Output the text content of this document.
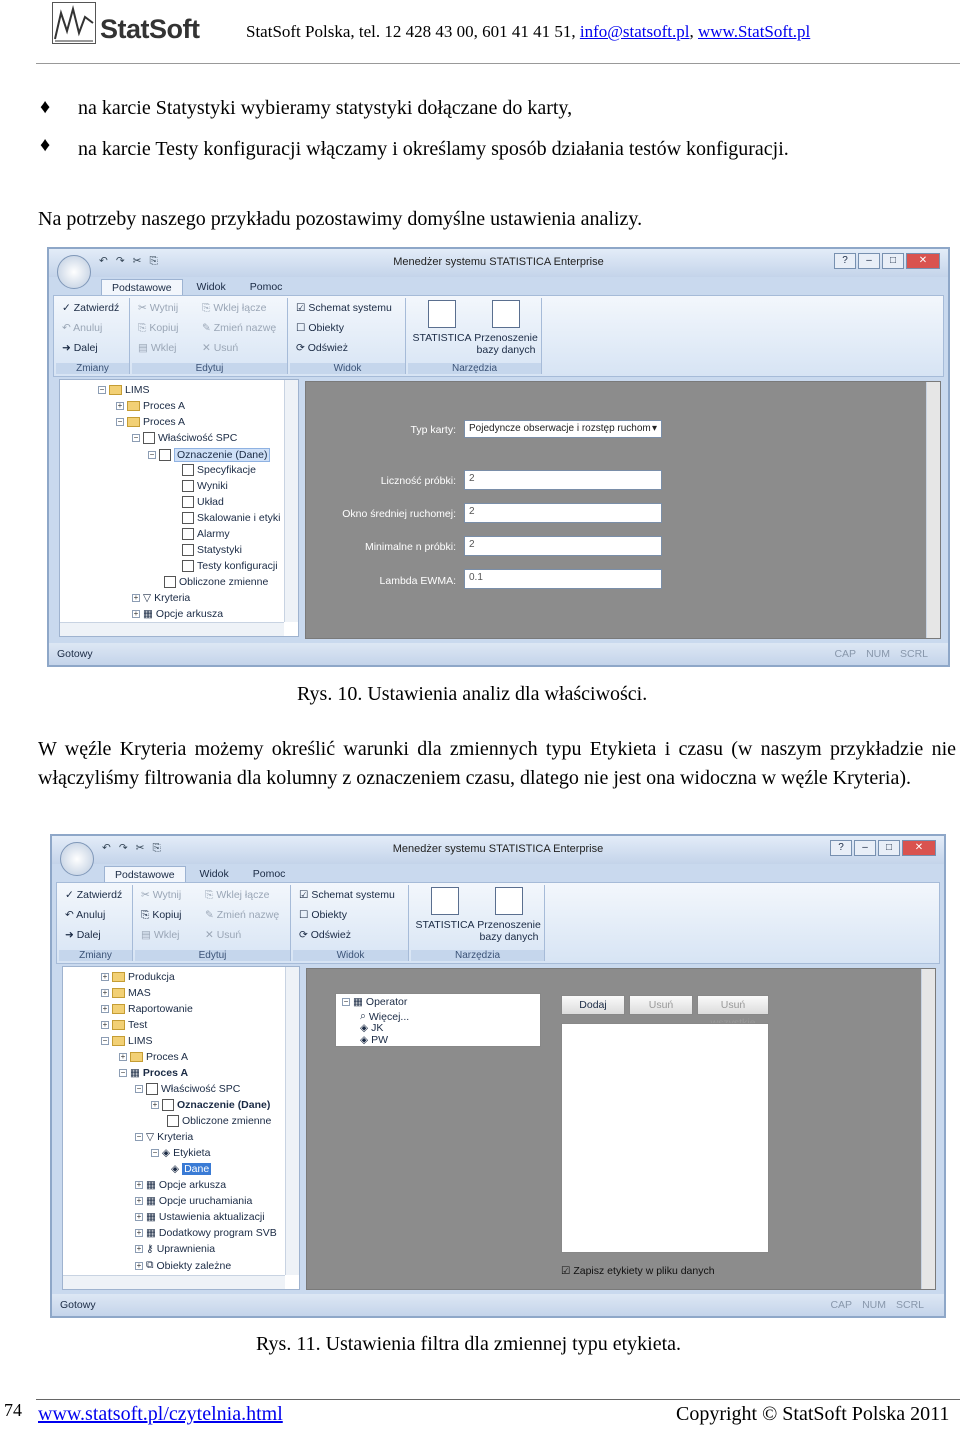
StatSoft	StatSoft Polska, tel. 12 428 43 00, 601 41 41 51, info@statsoft.pl, www.StatSoft.pl
♦ na karcie Statystyki wybieramy statystyki dołączane do karty,
♦ na karcie Testy konfiguracji włączamy i określamy sposób działania testów konfiguracji.
Na potrzeby naszego przykładu pozostawimy domyślne ustawienia analizy.
Menedżer systemu STATISTICA Enterprise
↶ ↷ ✂ ⎘	?	–	□	✕
Podstawowe	Widok	Pomoc
✓ Zatwierdź
↶ Anuluj
➜ Dalej
Zmiany
✂ Wytnij ⎘ Wklej łącze
⎘ Kopiuj ✎ Zmień nazwę
▤ Wklej ✕ Usuń
Edytuj
☑ Schemat systemu
☐ Obiekty
⟳ Odśwież
Widok
STATISTICA Przenoszenie
bazy danych
Narzędzia
− LIMS
+ Proces A
− Proces A
− Właściwość SPC
− Oznaczenie (Dane)
Specyfikacje
Wyniki
Układ
Skalowanie i etyki
Alarmy
Statystyki
Testy konfiguracji
Obliczone zmienne
+ ▽ Kryteria
+ ▦ Opcje arkusza
Typ karty:	Pojedyncze obserwacje i rozstęp ruchom ▾
Liczność próbki:	2
Okno średniej ruchomej:	2
Minimalne n próbki:	2
Lambda EWMA:	0.1
Gotowy	CAP NUM SCRL
Rys. 10. Ustawienia analiz dla właściwości.
W węźle Kryteria możemy określić warunki dla zmiennych typu Etykieta i czasu (w naszym przykładzie nie włączyliśmy filtrowania dla kolumny z oznaczeniem czasu, dlatego nie jest ona widoczna w węźle Kryteria).
Menedżer systemu STATISTICA Enterprise
↶ ↷ ✂ ⎘	?	–	□	✕
Podstawowe	Widok	Pomoc
✓ Zatwierdź
↶ Anuluj
➜ Dalej
Zmiany
✂ Wytnij ⎘ Wklej łącze
⎘ Kopiuj ✎ Zmień nazwę
▤ Wklej ✕ Usuń
Edytuj
☑ Schemat systemu
☐ Obiekty
⟳ Odśwież
Widok
STATISTICA Przenoszenie
bazy danych
Narzędzia
+ Produkcja
+ MAS
+ Raportowanie
+ Test
− LIMS
+ Proces A
− ▦ Proces A
− Właściwość SPC
+ Oznaczenie (Dane)
Obliczone zmienne
− ▽ Kryteria
− ◈ Etykieta
◈ Dane
+ ▦ Opcje arkusza
+ ▦ Opcje uruchamiania
+ ▦ Ustawienia aktualizacji
+ ▦ Dodatkowy program SVB
+ ⚷ Uprawnienia
+ ⧉ Obiekty zależne
− ▦ Operator
⌕ Więcej...
◈ JK
◈ PW
Dodaj	Usuń	Usuń
☑ Zapisz etykiety w pliku danych
Gotowy	CAP NUM SCRL
Rys. 11. Ustawienia filtra dla zmiennej typu etykieta.
74 www.statsoft.pl/czytelnia.html	Copyright © StatSoft Polska 2011
